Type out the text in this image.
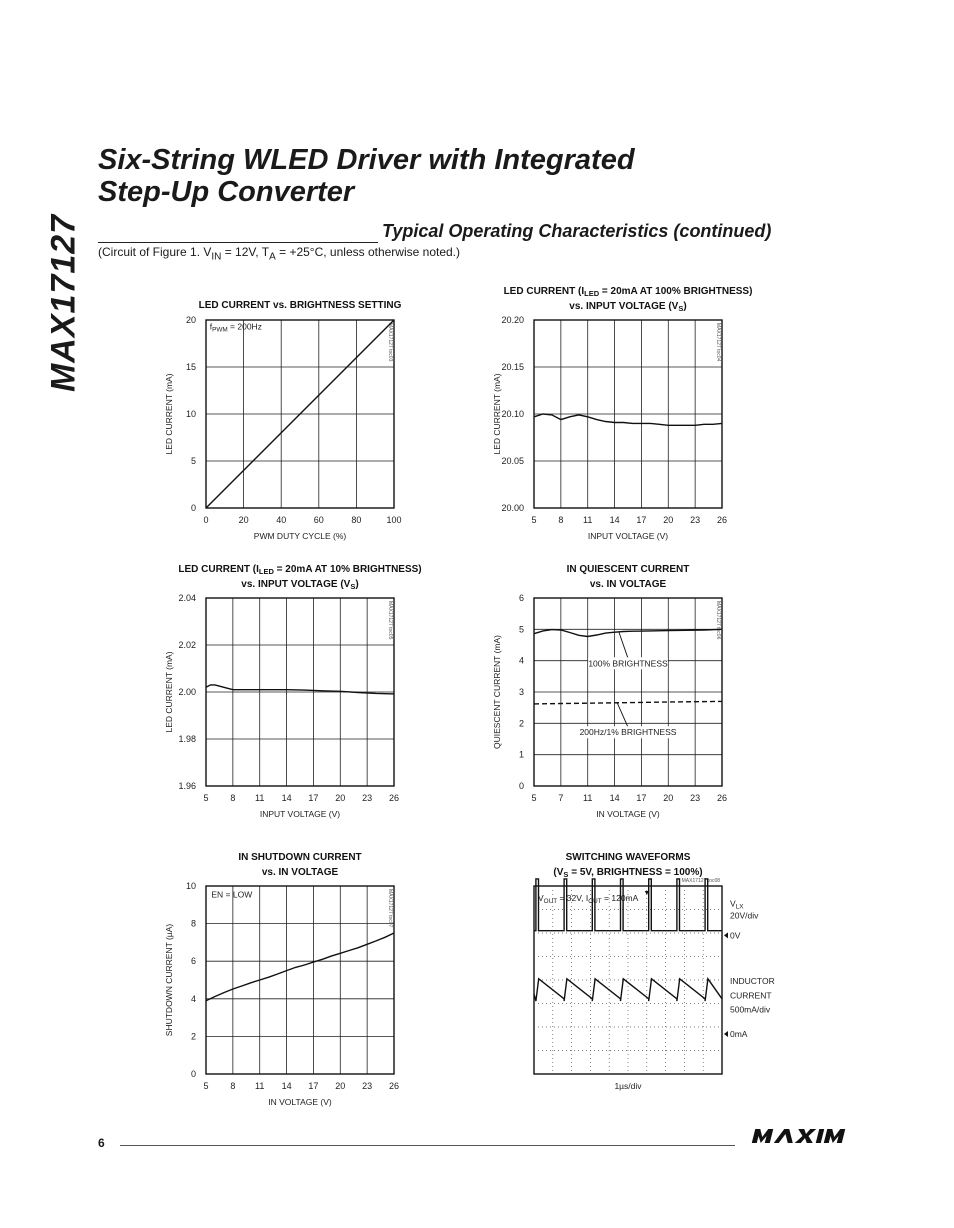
MAX17127
Six-String WLED Driver with Integrated
Step-Up Converter
Typical Operating Characteristics (continued)
(Circuit of Figure 1. $V_{IN} = 12V$, $T_A = +25^\circ C$, unless otherwise noted.)
LED CURRENT vs. BRIGHTNESS SETTING
0	20	40	60	80	100
0
5
10
15
20
PWM DUTY CYCLE (%)
LED CURRENT (mA)
MAX17127 toc03
$f_{PWM} = 200Hz$
LED CURRENT ($I_{LED} = 20mA$ AT 100% BRIGHTNESS)
vs. INPUT VOLTAGE $(V_S)$
5 8 11 14 17 20 23 26
20.00
20.05
20.10
20.15
20.20
INPUT VOLTAGE (V)
LED CURRENT (mA)
MAX17127 toc04
LED CURRENT ($I_{LED} = 20mA$ AT 10% BRIGHTNESS)
vs. INPUT VOLTAGE $(V_S)$
5 8 11 14 17 20 23 26
1.96
1.98
2.00
2.02
2.04
INPUT VOLTAGE (V)
LED CURRENT (mA)
MAX17127 toc05
IN QUIESCENT CURRENT
vs. IN VOLTAGE
5 7 11 14 17 20 23 26
0
1
2
3
4
5
6
IN VOLTAGE (V)
QUIESCENT CURRENT (mA)
MAX17127 toc06
100% BRIGHTNESS
200Hz/1% BRIGHTNESS
IN SHUTDOWN CURRENT
vs. IN VOLTAGE
5 8 11 14 17 20 23 26
0
2
4
6
8
10
IN VOLTAGE (V)
SHUTDOWN CURRENT (µA)
MAX17127 toc07
EN = LOW
SWITCHING WAVEFORMS
($V_S = 5V$, BRIGHTNESS = 100%)
MAX17127 toc08
$V_{OUT} = 32V$, $I_{OUT} = 120mA$
$V_{LX}$
20V/div
0V
INDUCTOR
CURRENT
500mA/div
0mA
1µs/div
6
